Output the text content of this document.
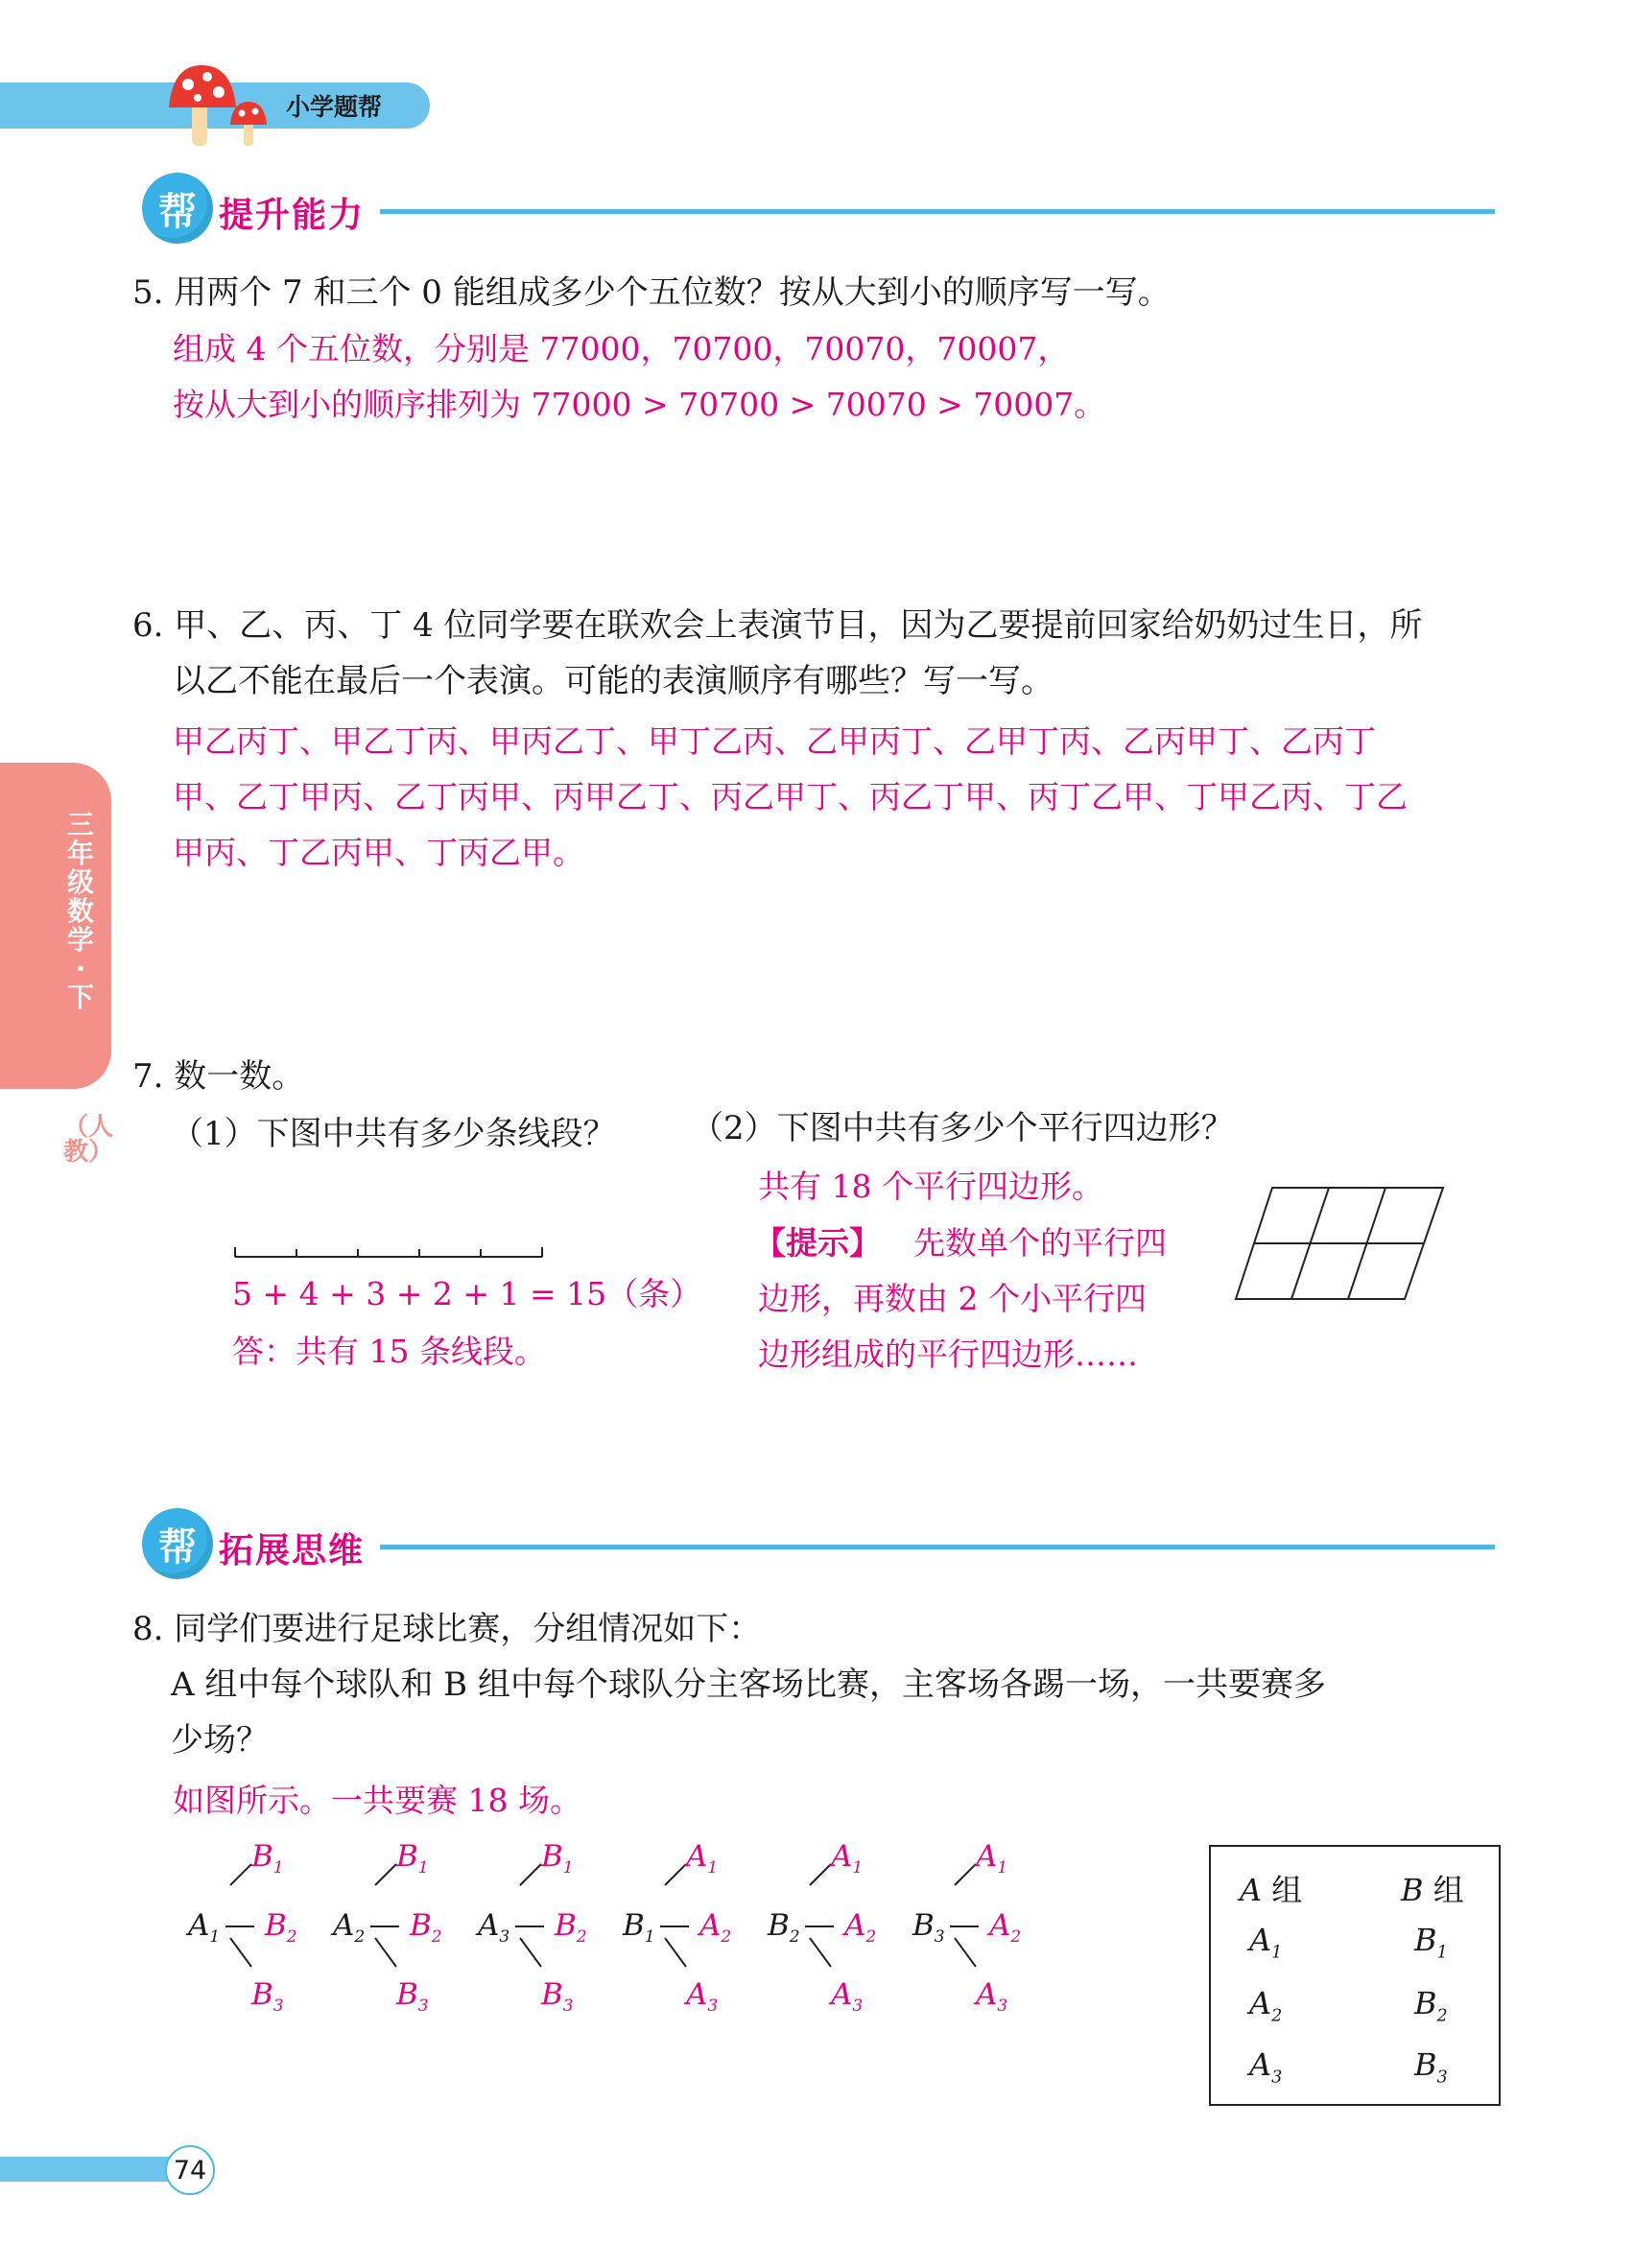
小学题帮
帮 提升能力
5. 用两个 7 和三个 0 能组成多少个五位数？按从大到小的顺序写一写。
组成 4 个五位数，分别是 77000，70700，70070，70007，
按从大到小的顺序排列为 77000 > 70700 > 70070 > 70007。
6. 甲、乙、丙、丁 4 位同学要在联欢会上表演节目，因为乙要提前回家给奶奶过生日，所
以乙不能在最后一个表演。可能的表演顺序有哪些？写一写。
甲乙丙丁、甲乙丁丙、甲丙乙丁、甲丁乙丙、乙甲丙丁、乙甲丁丙、乙丙甲丁、乙丙丁
甲、乙丁甲丙、乙丁丙甲、丙甲乙丁、丙乙甲丁、丙乙丁甲、丙丁乙甲、丁甲乙丙、丁乙
甲丙、丁乙丙甲、丁丙乙甲。
三年级数学·下
（人教）
7. 数一数。
（1）下图中共有多少条线段？ （2）下图中共有多少个平行四边形？
5 + 4 + 3 + 2 + 1 = 15（条）
答：共有 15 条线段。
共有 18 个平行四边形。
【提示】 先数单个的平行四
边形，再数由 2 个小平行四
边形组成的平行四边形……
帮 拓展思维
8. 同学们要进行足球比赛，分组情况如下：
A 组中每个球队和 B 组中每个球队分主客场比赛，主客场各踢一场，一共要赛多
少场？
如图所示。一共要赛 18 场。
$A_1$
$B_1$
$B_2$
$B_3$
$A_2$
$B_1$
$B_2$
$B_3$
$A_3$
$B_1$
$B_2$
$B_3$
$B_1$
$A_1$
$A_2$
$A_3$
$B_2$
$A_1$
$A_2$
$A_3$
$B_3$
$A_1$
$A_2$
$A_3$
A 组	B 组
$A_1$
$A_2$
$A_3$
$B_1$
$B_2$
$B_3$
74
